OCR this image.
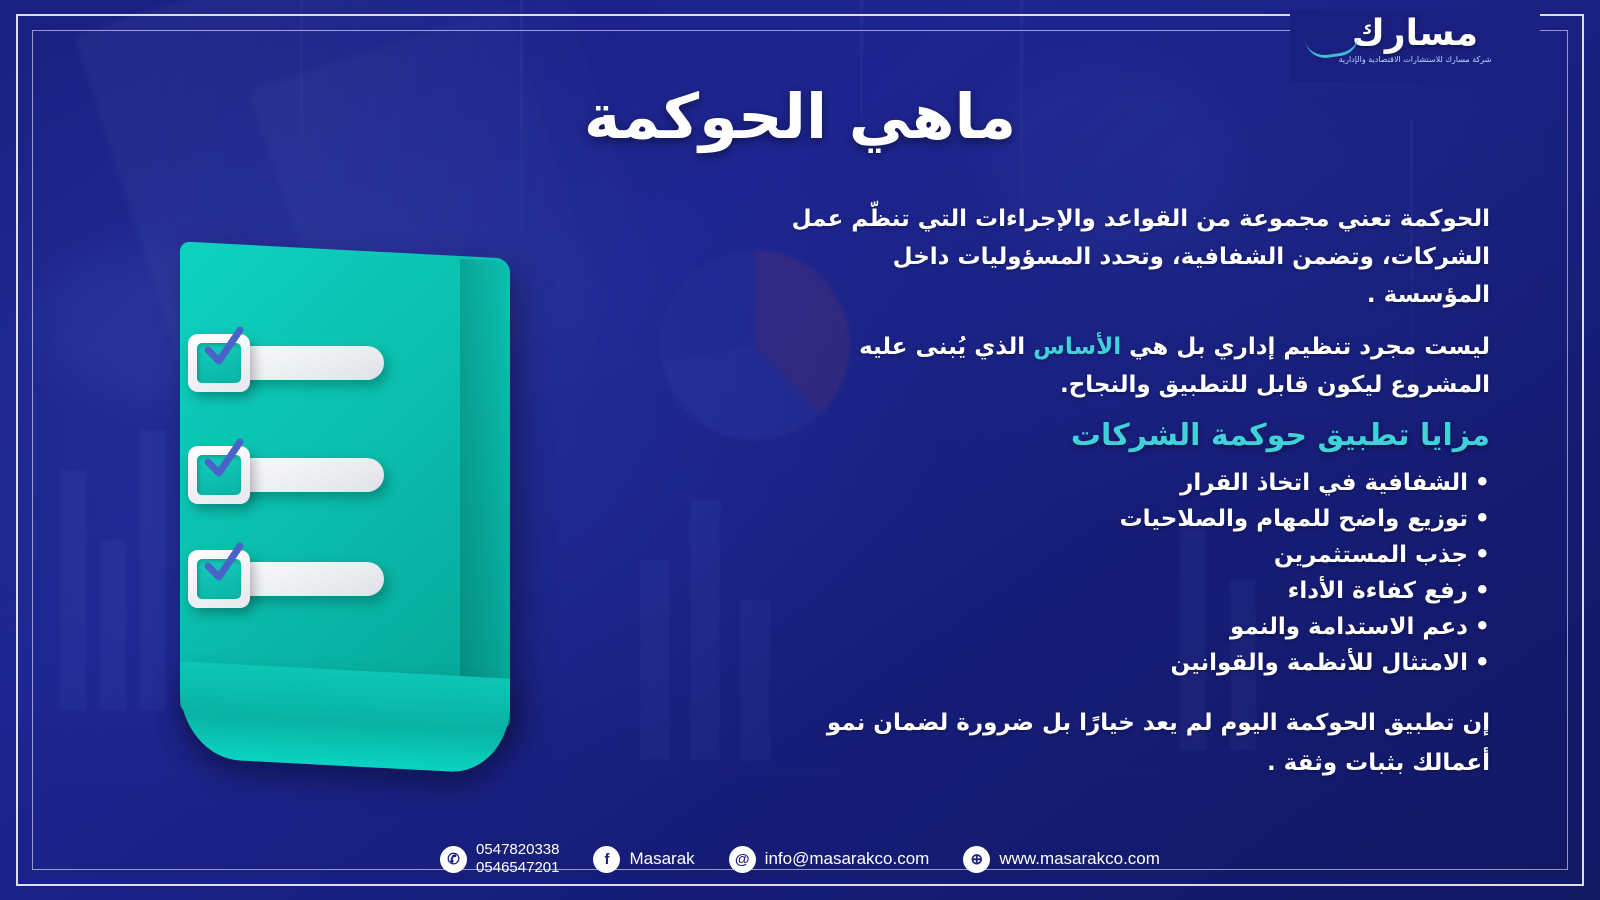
مسارك
شركة مسارك للاستشارات الاقتصادية والإدارية
ماهي الحوكمة
الحوكمة تعني مجموعة من القواعد والإجراءات التي تنظّم عمل الشركات، وتضمن الشفافية، وتحدد المسؤوليات داخل المؤسسة .
ليست مجرد تنظيم إداري بل هي الأساس الذي يُبنى عليه المشروع ليكون قابل للتطبيق والنجاح.
مزايا تطبيق حوكمة الشركات
• الشفافية في اتخاذ القرار
• توزيع واضح للمهام والصلاحيات
• جذب المستثمرين
• رفع كفاءة الأداء
• دعم الاستدامة والنمو
• الامتثال للأنظمة والقوانين
إن تطبيق الحوكمة اليوم لم يعد خيارًا بل ضرورة لضمان نمو أعمالك بثبات وثقة .
✆
0547820338
0546547201	f	Masarak	@ info@masarakco.com	⊕ www.masarakco.com
